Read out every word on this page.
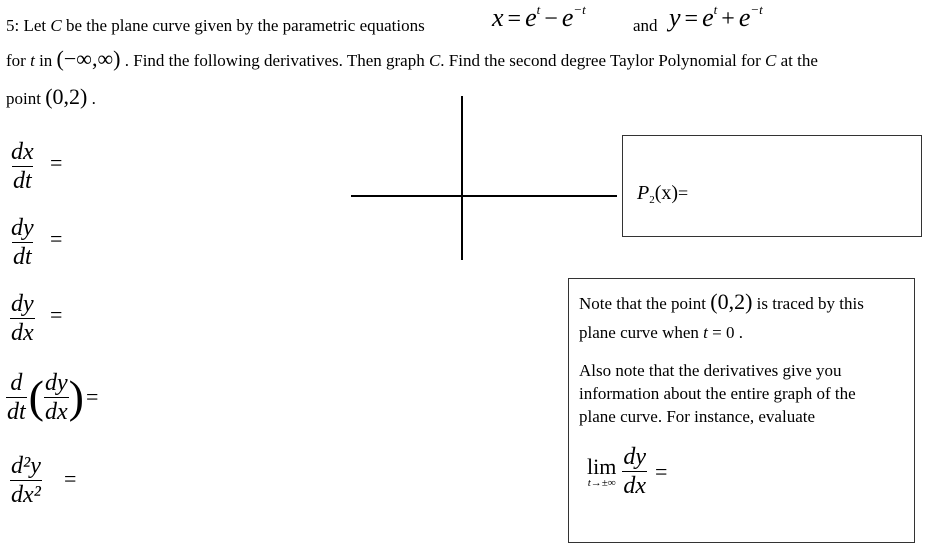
5: Let C be the plane curve given by the parametric equations	$x = e^t - e^{-t}$
and $y = e^t + e^{-t}$
for t in (−∞,∞) . Find the following derivatives. Then graph C. Find the second degree Taylor Polynomial for C at the
point (0,2) .
$\frac{dx}{dt}$ =
$\frac{dy}{dt}$ =
$\frac{dy}{dx}$ =
$\frac{d}{dt}$ ( $\frac{dy}{dx}$ ) =
$\frac{\text{d²y}}{\text{dx²}}$ =
$P_2(x)=$
Note that the point (0,2) is traced by this
plane curve when t = 0 .
Also note that the derivatives give you
information about the entire graph of the
plane curve. For instance, evaluate
lim
$t\to\pm\infty \frac{dy}{dx}$ =
